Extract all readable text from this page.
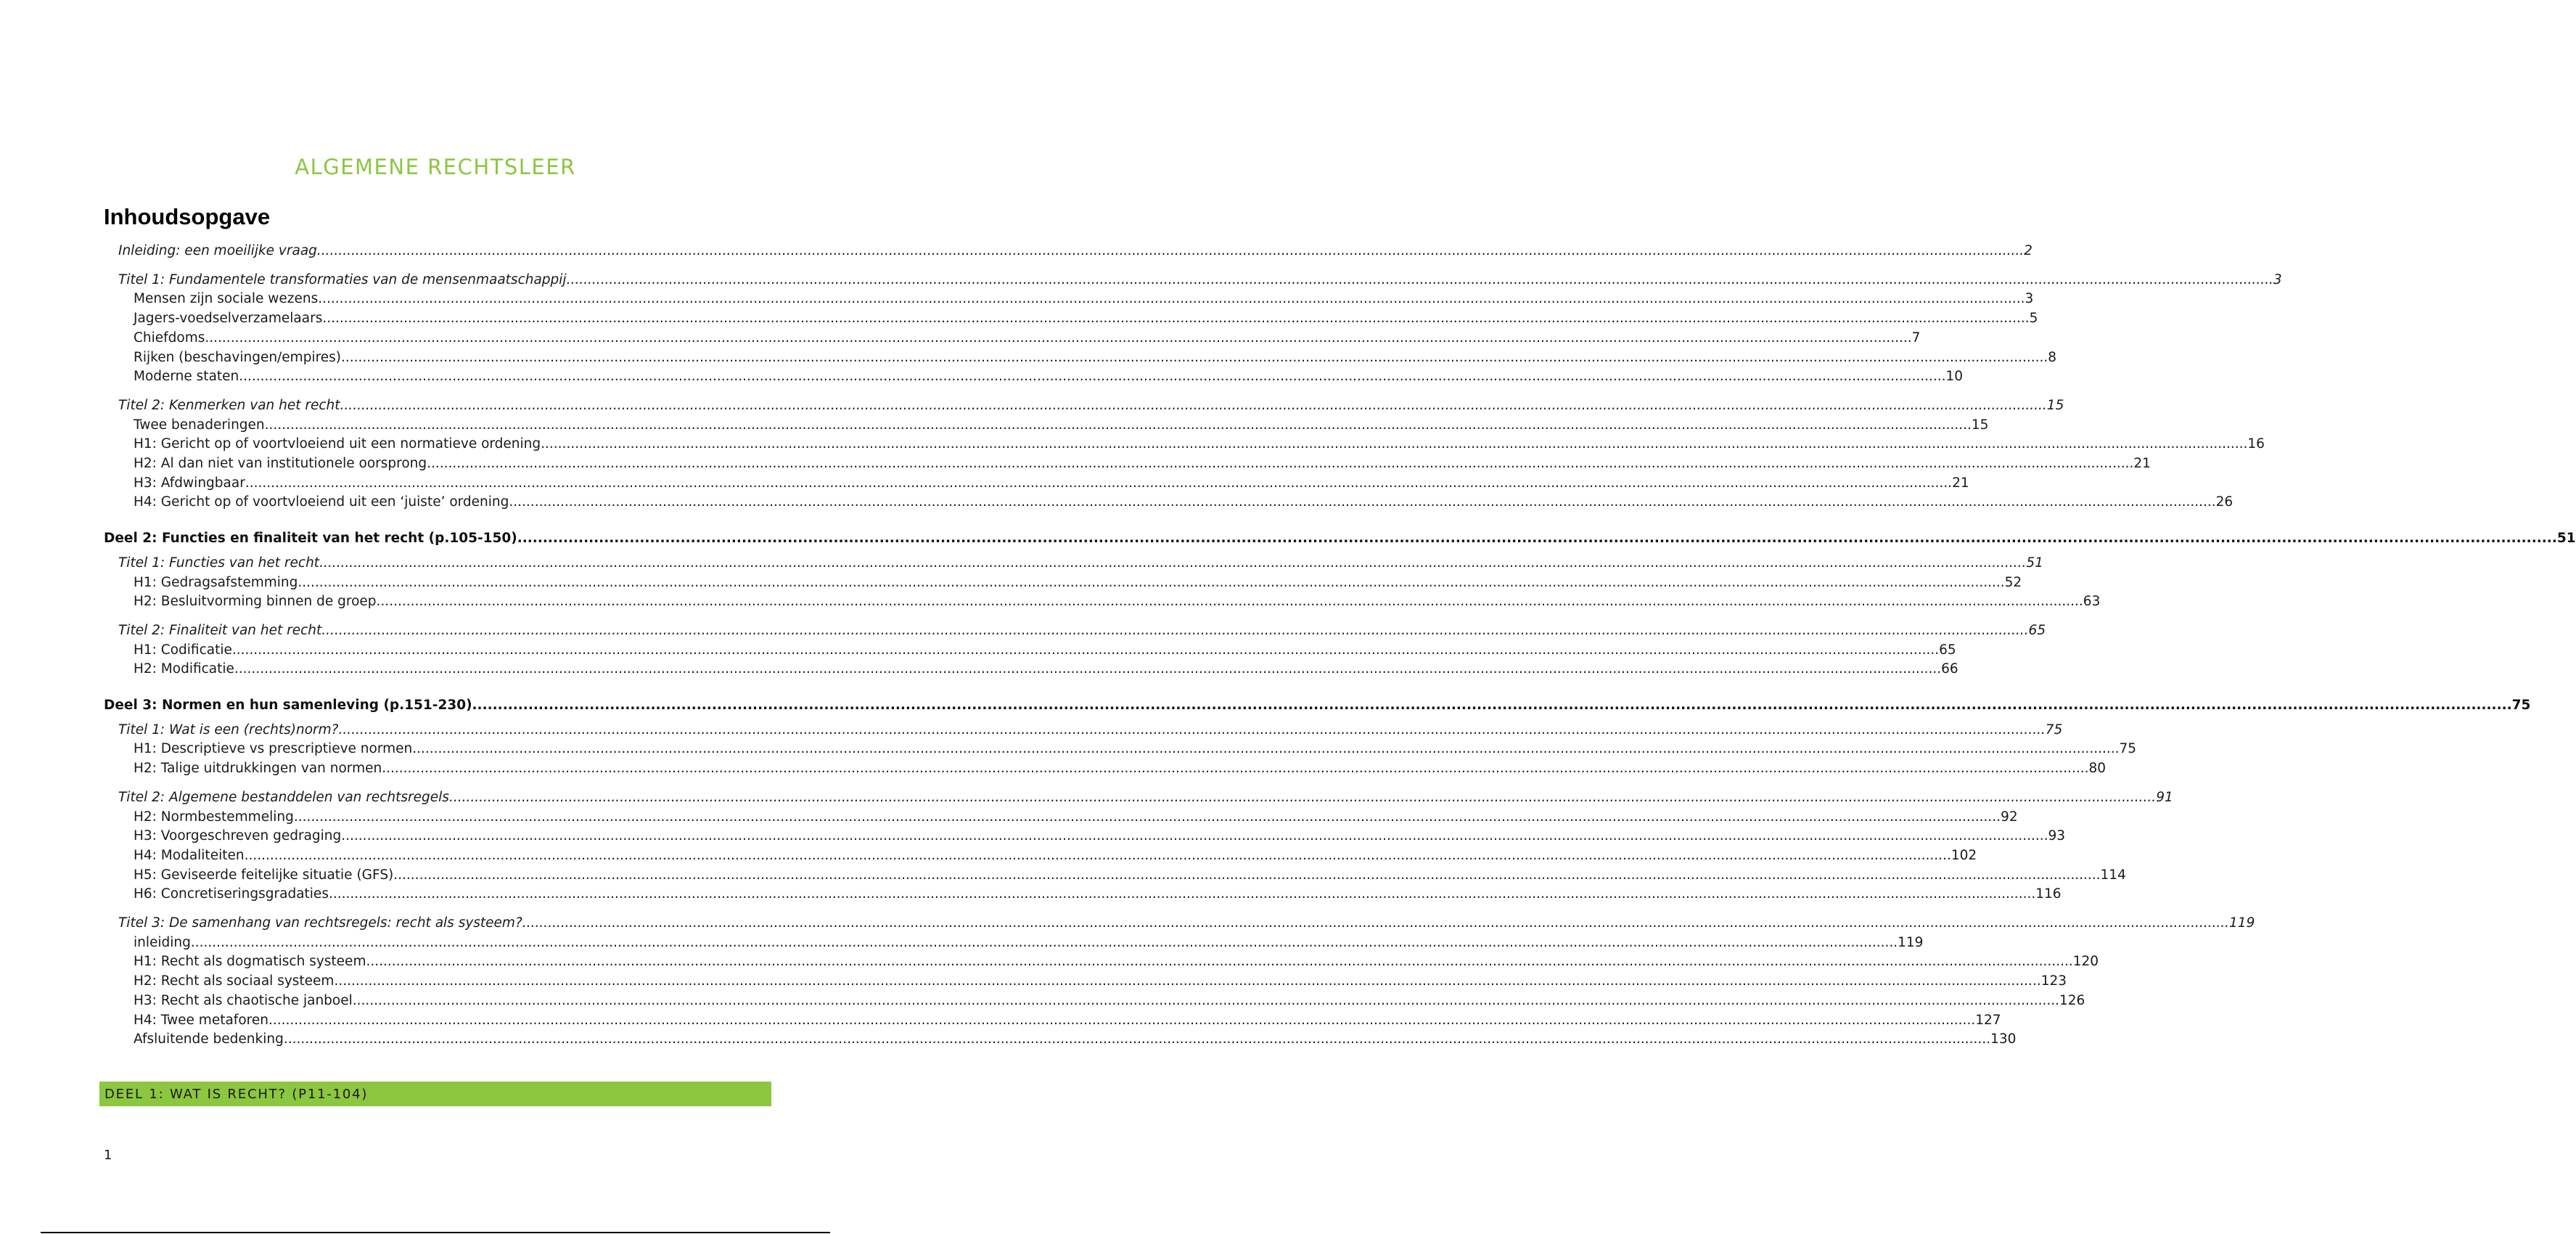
ALGEMENE RECHTSLEER
Inhoudsopgave
Inleiding: een moeilijke vraag ................................................................................................................................................................................................................................................................................................................................................................................................................ 2
Titel 1: Fundamentele transformaties van de mensenmaatschappij ................................................................................................................................................................................................................................................................................................................................................................................................................ 3
Mensen zijn sociale wezens ................................................................................................................................................................................................................................................................................................................................................................................................................ 3
Jagers-voedselverzamelaars ................................................................................................................................................................................................................................................................................................................................................................................................................ 5
Chiefdoms ................................................................................................................................................................................................................................................................................................................................................................................................................ 7
Rijken (beschavingen/empires) ................................................................................................................................................................................................................................................................................................................................................................................................................ 8
Moderne staten ................................................................................................................................................................................................................................................................................................................................................................................................................ 10
Titel 2: Kenmerken van het recht ................................................................................................................................................................................................................................................................................................................................................................................................................ 15
Twee benaderingen ................................................................................................................................................................................................................................................................................................................................................................................................................ 15
H1: Gericht op of voortvloeiend uit een normatieve ordening ................................................................................................................................................................................................................................................................................................................................................................................................................ 16
H2: Al dan niet van institutionele oorsprong ................................................................................................................................................................................................................................................................................................................................................................................................................ 21
H3: Afdwingbaar ................................................................................................................................................................................................................................................................................................................................................................................................................ 21
H4: Gericht op of voortvloeiend uit een ‘juiste’ ordening ................................................................................................................................................................................................................................................................................................................................................................................................................ 26
Deel 2: Functies en finaliteit van het recht (p.105-150) ................................................................................................................................................................................................................................................................................................................................................................................................................ 51
Titel 1: Functies van het recht ................................................................................................................................................................................................................................................................................................................................................................................................................ 51
H1: Gedragsafstemming ................................................................................................................................................................................................................................................................................................................................................................................................................ 52
H2: Besluitvorming binnen de groep ................................................................................................................................................................................................................................................................................................................................................................................................................ 63
Titel 2: Finaliteit van het recht ................................................................................................................................................................................................................................................................................................................................................................................................................ 65
H1: Codificatie ................................................................................................................................................................................................................................................................................................................................................................................................................ 65
H2: Modificatie ................................................................................................................................................................................................................................................................................................................................................................................................................ 66
Deel 3: Normen en hun samenleving (p.151-230) ................................................................................................................................................................................................................................................................................................................................................................................................................ 75
Titel 1: Wat is een (rechts)norm? ................................................................................................................................................................................................................................................................................................................................................................................................................ 75
H1: Descriptieve vs prescriptieve normen ................................................................................................................................................................................................................................................................................................................................................................................................................ 75
H2: Talige uitdrukkingen van normen ................................................................................................................................................................................................................................................................................................................................................................................................................ 80
Titel 2: Algemene bestanddelen van rechtsregels ................................................................................................................................................................................................................................................................................................................................................................................................................ 91
H2: Normbestemmeling ................................................................................................................................................................................................................................................................................................................................................................................................................ 92
H3: Voorgeschreven gedraging ................................................................................................................................................................................................................................................................................................................................................................................................................ 93
H4: Modaliteiten ................................................................................................................................................................................................................................................................................................................................................................................................................ 102
H5: Geviseerde feitelijke situatie (GFS) ................................................................................................................................................................................................................................................................................................................................................................................................................ 114
H6: Concretiseringsgradaties ................................................................................................................................................................................................................................................................................................................................................................................................................ 116
Titel 3: De samenhang van rechtsregels: recht als systeem? ................................................................................................................................................................................................................................................................................................................................................................................................................ 119
inleiding ................................................................................................................................................................................................................................................................................................................................................................................................................ 119
H1: Recht als dogmatisch systeem ................................................................................................................................................................................................................................................................................................................................................................................................................ 120
H2: Recht als sociaal systeem ................................................................................................................................................................................................................................................................................................................................................................................................................ 123
H3: Recht als chaotische janboel ................................................................................................................................................................................................................................................................................................................................................................................................................ 126
H4: Twee metaforen ................................................................................................................................................................................................................................................................................................................................................................................................................ 127
Afsluitende bedenking ................................................................................................................................................................................................................................................................................................................................................................................................................ 130
DEEL 1: WAT IS RECHT? (P11-104)
1
